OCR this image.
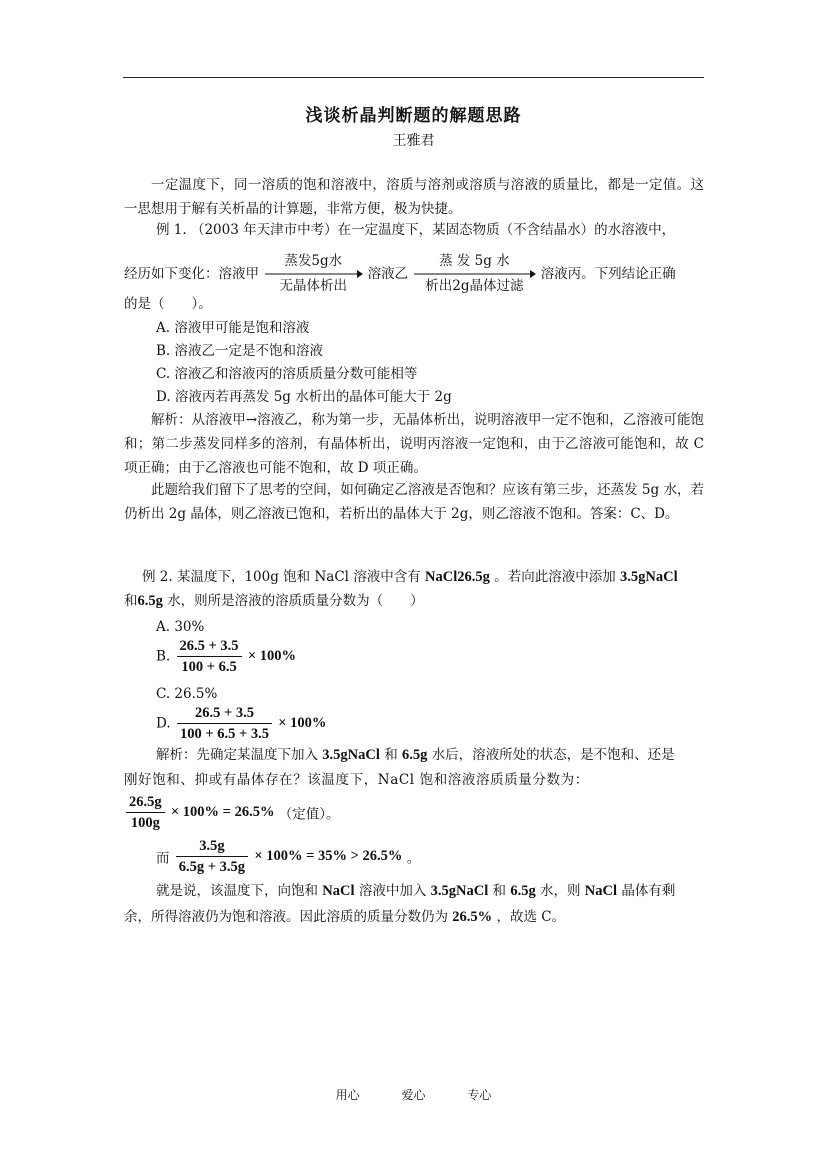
浅谈析晶判断题的解题思路
王雅君
一定温度下，同一溶质的饱和溶液中，溶质与溶剂或溶质与溶液的质量比，都是一定值。这一思想用于解有关析晶的计算题，非常方便，极为快捷。
例 1. （2003 年天津市中考）在一定温度下，某固态物质（不含结晶水）的水溶液中，
经历如下变化：溶液甲
蒸发5g水
无晶体析出
溶液乙
蒸 发 5g 水
析出2g晶体过滤
溶液丙。下列结论正确
的是（　　）。
A. 溶液甲可能是饱和溶液
B. 溶液乙一定是不饱和溶液
C. 溶液乙和溶液丙的溶质质量分数可能相等
D. 溶液丙若再蒸发 5g 水析出的晶体可能大于 2g
解析：从溶液甲→溶液乙，称为第一步，无晶体析出，说明溶液甲一定不饱和，乙溶液可能饱和；第二步蒸发同样多的溶剂，有晶体析出，说明丙溶液一定饱和，由于乙溶液可能饱和，故 C 项正确；由于乙溶液也可能不饱和，故 D 项正确。
此题给我们留下了思考的空间，如何确定乙溶液是否饱和？应该有第三步，还蒸发 5g 水，若仍析出 2g 晶体，则乙溶液已饱和，若析出的晶体大于 2g，则乙溶液不饱和。答案：C、D。
例 2. 某温度下，100g 饱和 NaCl 溶液中含有 NaCl26.5g 。若向此溶液中添加 3.5gNaCl
和6.5g 水，则所是溶液的溶质质量分数为（　　）
A. 30%
B. $\frac{26.5 + 3.5}{100 + 6.5} \times 100\%$
C. 26.5%
D. $\frac{26.5 + 3.5}{100 + 6.5 + 3.5} \times 100\%$
解析：先确定某温度下加入 3.5gNaCl 和 6.5g 水后，溶液所处的状态，是不饱和、还是
刚好饱和、抑或有晶体存在？该温度下，NaCl 饱和溶液溶质质量分数为：
$\frac{26.5g}{100g} \times 100\% = 26.5\%$ （定值）。
而 $\frac{3.5g}{6.5g + 3.5g} \times 100\% = 35\% > 26.5\%$ 。
就是说，该温度下，向饱和 NaCl 溶液中加入 3.5gNaCl 和 6.5g 水，则 NaCl 晶体有剩
余，所得溶液仍为饱和溶液。因此溶质的质量分数仍为 26.5% ，故选 C。
用心	爱心	专心
